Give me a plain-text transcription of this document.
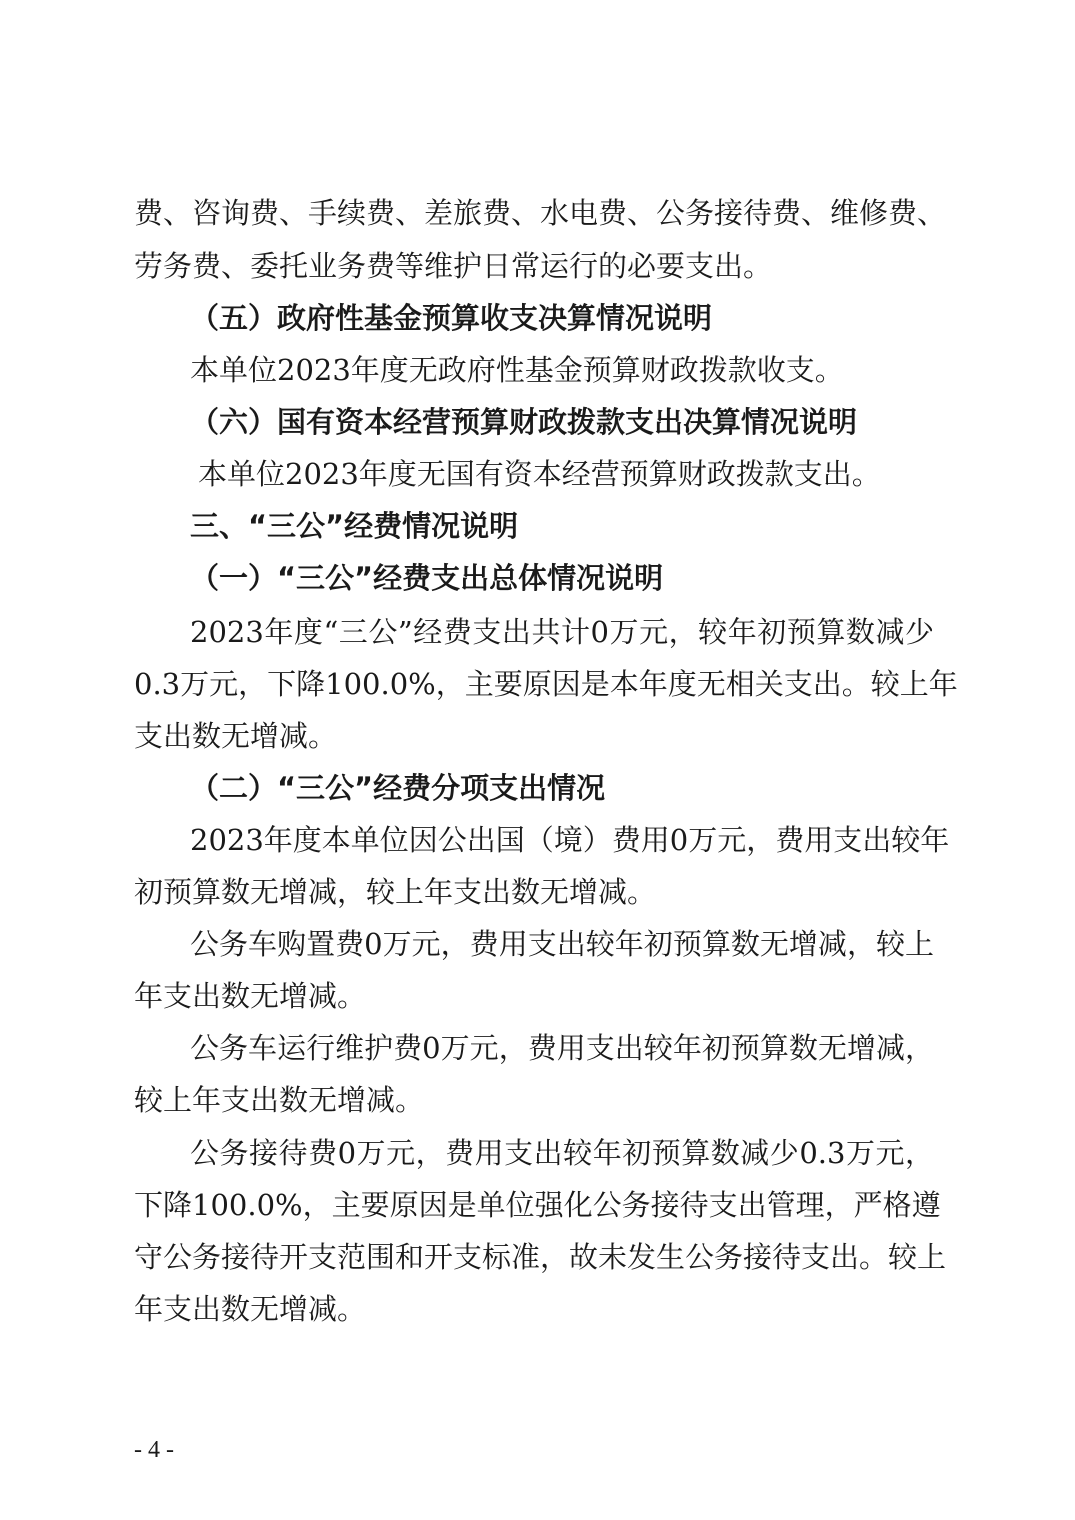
费、咨询费、手续费、差旅费、水电费、公务接待费、维修费、
劳务费、委托业务费等维护日常运行的必要支出。
（五）政府性基金预算收支决算情况说明
本单位2023年度无政府性基金预算财政拨款收支。
（六）国有资本经营预算财政拨款支出决算情况说明
本单位2023年度无国有资本经营预算财政拨款支出。
三、“三公”经费情况说明
（一）“三公”经费支出总体情况说明
2023年度“三公”经费支出共计0万元，较年初预算数减少
0.3万元，下降100.0%，主要原因是本年度无相关支出。较上年
支出数无增减。
（二）“三公”经费分项支出情况
2023年度本单位因公出国（境）费用0万元，费用支出较年
初预算数无增减，较上年支出数无增减。
公务车购置费0万元，费用支出较年初预算数无增减，较上
年支出数无增减。
公务车运行维护费0万元，费用支出较年初预算数无增减，
较上年支出数无增减。
公务接待费0万元，费用支出较年初预算数减少0.3万元，
下降100.0%，主要原因是单位强化公务接待支出管理，严格遵
守公务接待开支范围和开支标准，故未发生公务接待支出。较上
年支出数无增减。
- 4 -
